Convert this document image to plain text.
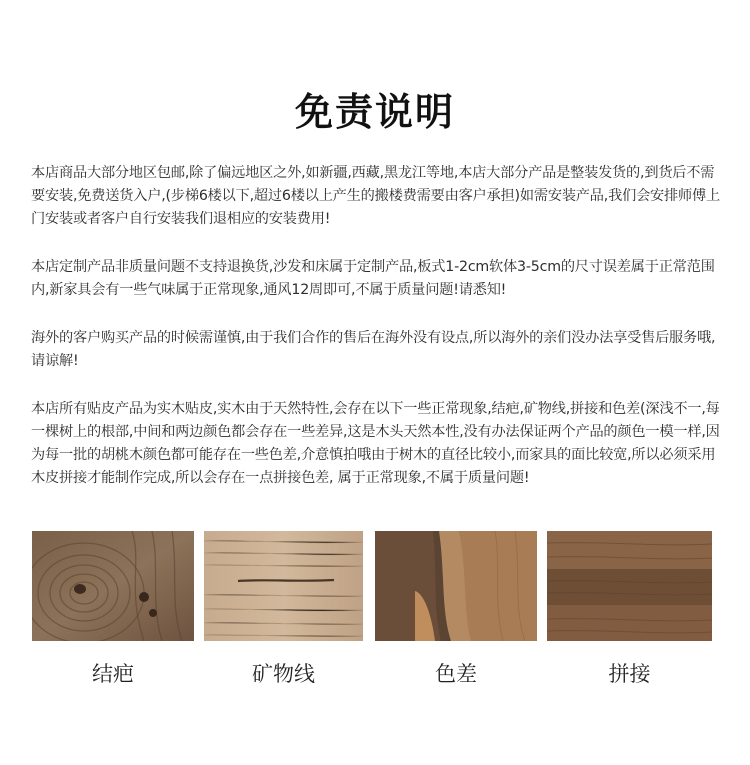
免责说明

本店商品大部分地区包邮,除了偏远地区之外,如新疆,西藏,黑龙江等地,本店大部分产品是整装发货的,到货后不需要安装,免费送货入户,(步梯6楼以下,超过6楼以上产生的搬楼费需要由客户承担)如需安装产品,我们会安排师傅上门安装或者客户自行安装我们退相应的安装费用!

本店定制产品非质量问题不支持退换货,沙发和床属于定制产品,板式1-2cm软体3-5cm的尺寸误差属于正常范围内,新家具会有一些气味属于正常现象,通风12周即可,不属于质量问题!请悉知!

海外的客户购买产品的时候需谨慎,由于我们合作的售后在海外没有设点,所以海外的亲们没办法享受售后服务哦,请谅解!

本店所有贴皮产品为实木贴皮,实木由于天然特性,会存在以下一些正常现象,结疤,矿物线,拼接和色差(深浅不一,每一棵树上的根部,中间和两边颜色都会存在一些差异,这是木头天然本性,没有办法保证两个产品的颜色一模一样,因为每一批的胡桃木颜色都可能存在一些色差,介意慎拍哦由于树木的直径比较小,而家具的面比较宽,所以必须采用木皮拼接才能制作完成,所以会存在一点拼接色差, 属于正常现象,不属于质量问题!

结疤	矿物线	色差	拼接
